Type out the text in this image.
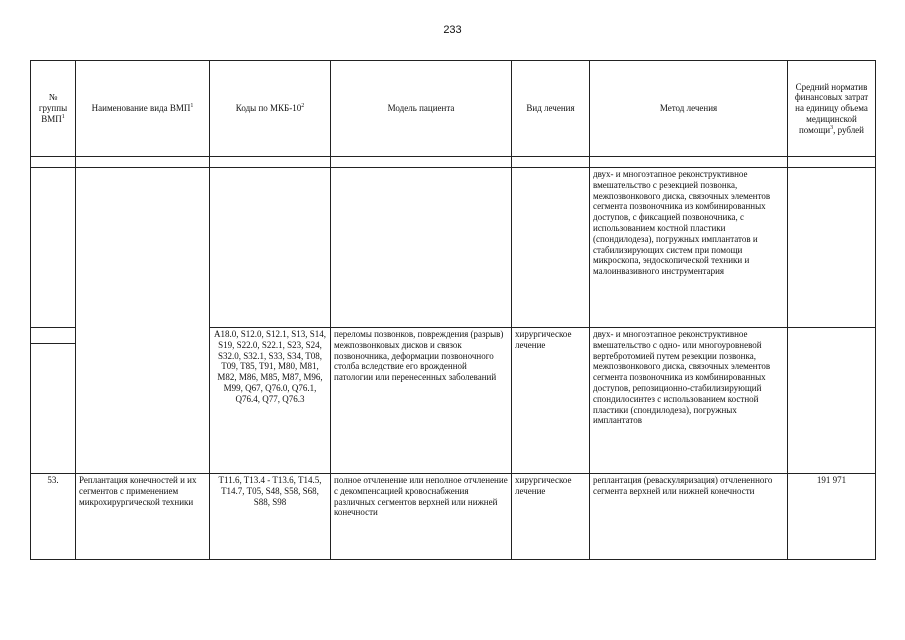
233
№ группы ВМП$^1$	Наименование вида ВМП$^1$	Коды по МКБ-$10^2$	Модель пациента	Вид лечения	Метод лечения	Средний норматив финансовых затрат на единицу объема медицинской помощи$^3$, рублей

					двух- и многоэтапное реконструктивное вмешательство с резекцией позвонка, межпозвонкового диска, связочных элементов сегмента позвоночника из комбинированных доступов, с фиксацией позвоночника, с использованием костной пластики (спондилодеза), погружных имплантатов и стабилизирующих систем при помощи микроскопа, эндоскопической техники и малоинвазивного инструментария	

		A18.0, S12.0, S12.1, S13, S14, S19, S22.0, S22.1, S23, S24, S32.0, S32.1, S33, S34, T08, T09, T85, T91, M80, M81, M82, M86, M85, M87, M96, M99, Q67, Q76.0, Q76.1, Q76.4, Q77, Q76.3	переломы позвонков, повреждения (разрыв) межпозвонковых дисков и связок позвоночника, деформации позвоночного столба вследствие его врожденной патологии или перенесенных заболеваний	хирургическое лечение	двух- и многоэтапное реконструктивное вмешательство с одно- или многоуровневой вертебротомией путем резекции позвонка, межпозвонкового диска, связочных элементов сегмента позвоночника из комбинированных доступов, репозиционно-стабилизирующий спондилосинтез с использованием костной пластики (спондилодеза), погружных имплантатов	
53.	Реплантация конечностей и их сегментов с применением микрохирургической техники	T11.6, T13.4 - T13.6, T14.5, T14.7, T05, S48, S58, S68, S88, S98	полное отчленение или неполное отчленение с декомпенсацией кровоснабжения различных сегментов верхней или нижней конечности	хирургическое лечение	реплантация (реваскуляризация) отчлененного сегмента верхней или нижней конечности	191 971
